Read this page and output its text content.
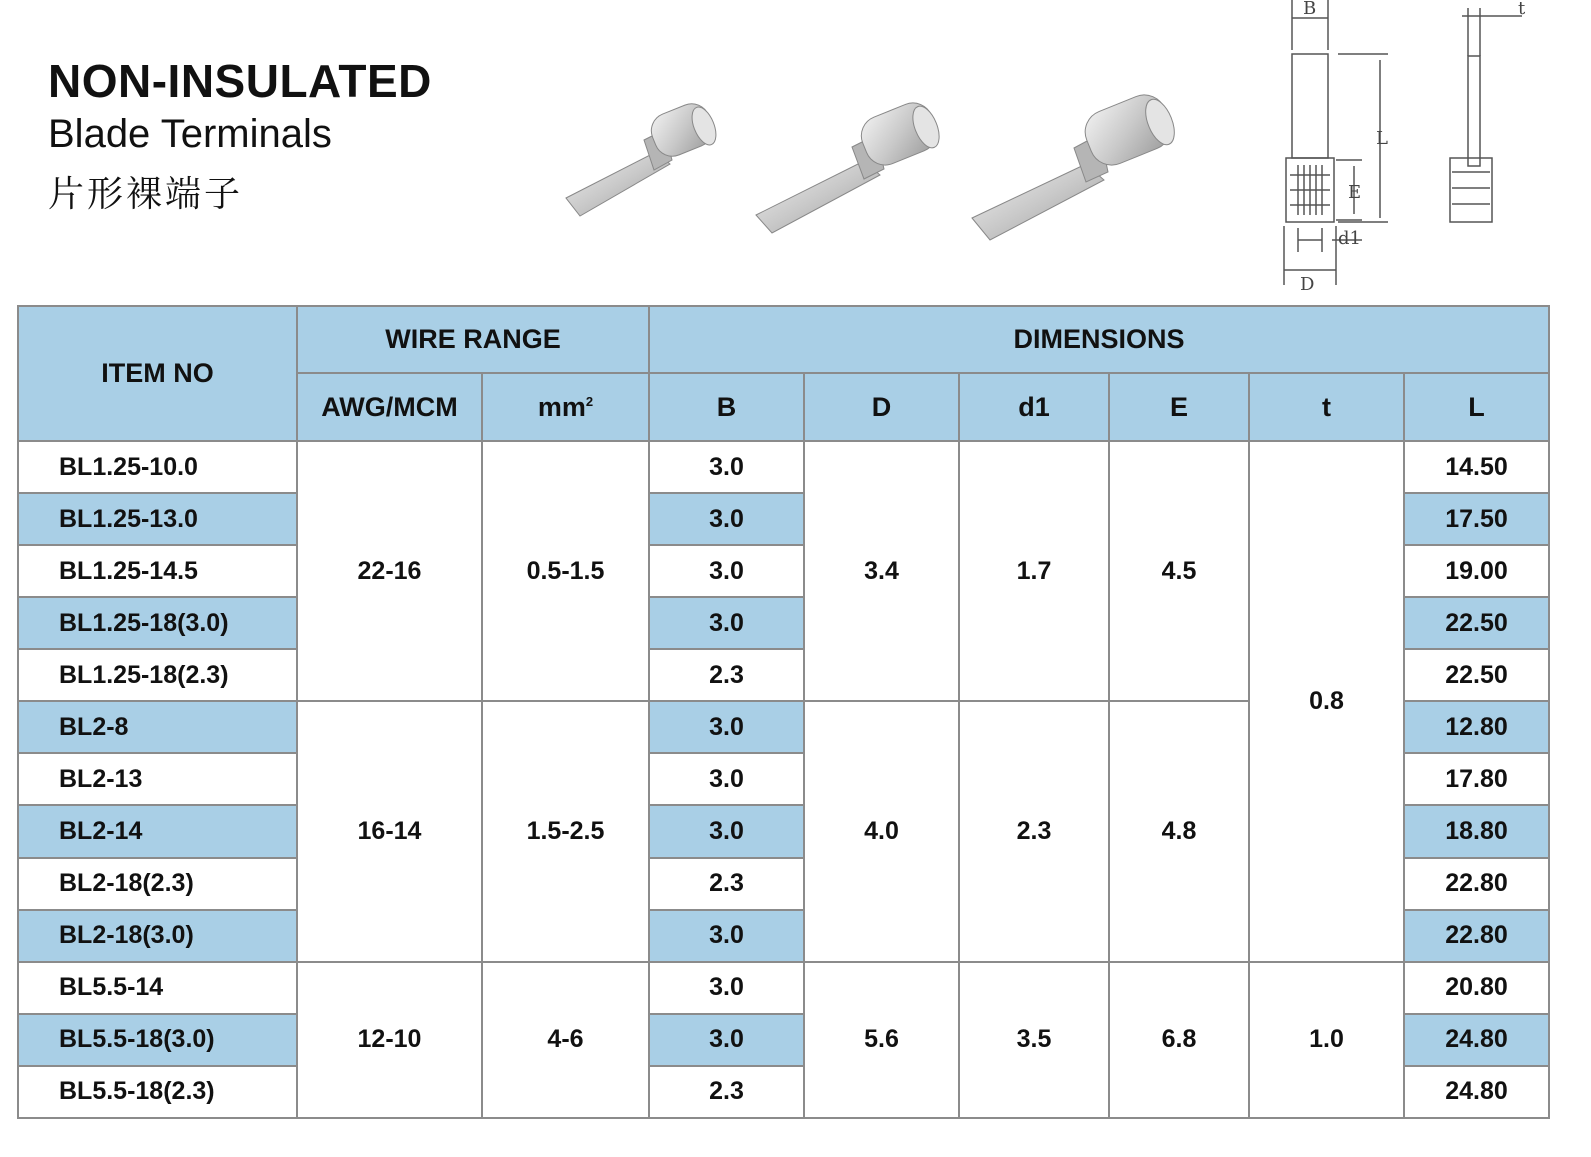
NON-INSULATED
Blade Terminals
片形裸端子
B	t
L
E
d1
D
ITEM NO	WIRE RANGE		DIMENSIONS					
	AWG/MCM	$mm^2$	B	D	d1	E	t	L
BL1.25-10.0	22-16	0.5-1.5	3.0	3.4	1.7	4.5	0.8	14.50
BL1.25-13.0			3.0					17.50
BL1.25-14.5			3.0					19.00
BL1.25-18(3.0)			3.0					22.50
BL1.25-18(2.3)			2.3					22.50
BL2-8	16-14	1.5-2.5	3.0	4.0	2.3	4.8		12.80
BL2-13			3.0					17.80
BL2-14			3.0					18.80
BL2-18(2.3)			2.3					22.80
BL2-18(3.0)			3.0					22.80
BL5.5-14	12-10	4-6	3.0	5.6	3.5	6.8	1.0	20.80
BL5.5-18(3.0)			3.0					24.80
BL5.5-18(2.3)			2.3					24.80
